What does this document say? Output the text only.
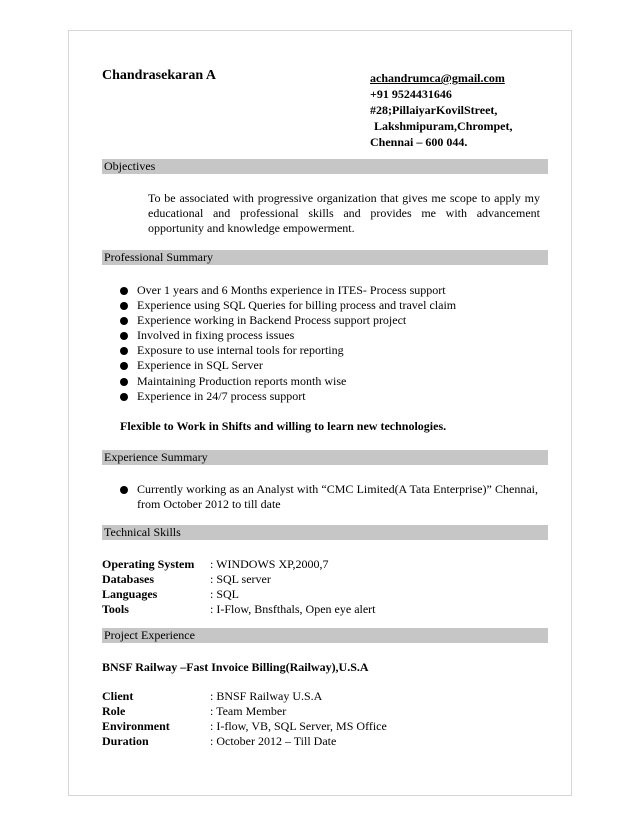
Chandrasekaran A	achandrumca@gmail.com
+91 9524431646
#28;PillaiyarKovilStreet,
Lakshmipuram,Chrompet,
Chennai – 600 044.
Objectives
To be associated with progressive organization that gives me scope to apply my educational and professional skills and provides me with advancement opportunity and knowledge empowerment.
Professional Summary
Over 1 years and 6 Months experience in ITES- Process support
Experience using SQL Queries for billing process and travel claim
Experience working in Backend Process support project
Involved in fixing process issues
Exposure to use internal tools for reporting
Experience in SQL Server
Maintaining Production reports month wise
Experience in 24/7 process support
Flexible to Work in Shifts and willing to learn new technologies.
Experience Summary
Currently working as an Analyst with “CMC Limited(A Tata Enterprise)” Chennai, from October 2012 to till date
Technical Skills
Operating System	: WINDOWS XP,2000,7
Databases	: SQL server
Languages	: SQL
Tools	: I-Flow, Bnsfthals, Open eye alert
Project Experience
BNSF Railway –Fast Invoice Billing(Railway),U.S.A
Client	: BNSF Railway U.S.A
Role	: Team Member
Environment	: I-flow, VB, SQL Server, MS Office
Duration	: October 2012 – Till Date
